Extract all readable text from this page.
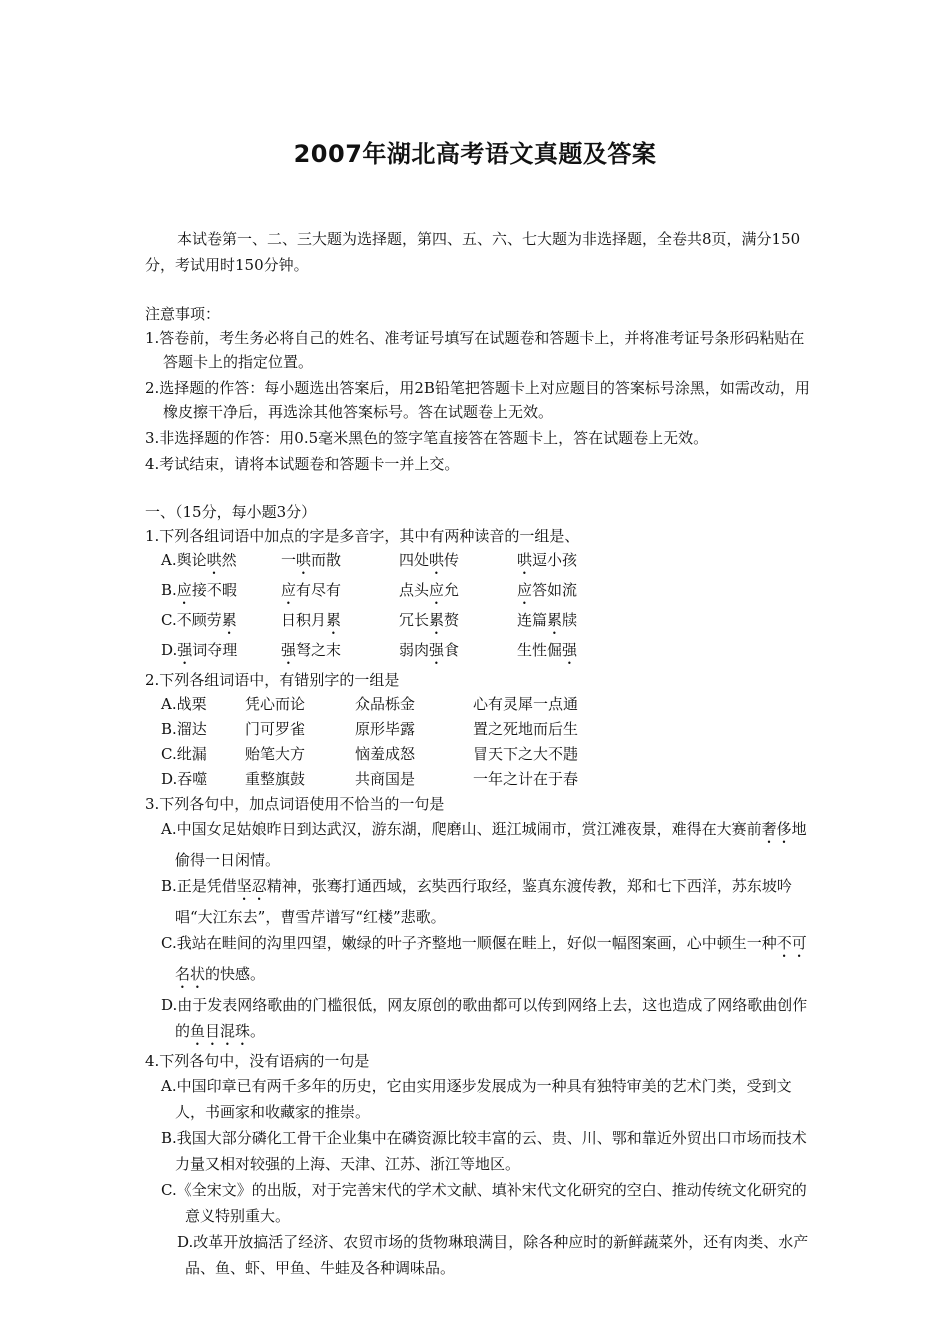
2007年湖北高考语文真题及答案
本试卷第一、二、三大题为选择题，第四、五、六、七大题为非选择题，全卷共8页，满分150分，考试用时150分钟。
注意事项：
1.答卷前，考生务必将自己的姓名、准考证号填写在试题卷和答题卡上，并将准考证号条形码粘贴在答题卡上的指定位置。
2.选择题的作答：每小题选出答案后，用2B铅笔把答题卡上对应题目的答案标号涂黑，如需改动，用橡皮擦干净后，再选涂其他答案标号。答在试题卷上无效。
3.非选择题的作答：用0.5毫米黑色的签字笔直接答在答题卡上，答在试题卷上无效。
4.考试结束，请将本试题卷和答题卡一并上交。
一、（15分，每小题3分）
1.下列各组词语中加点的字是多音字，其中有两种读音的一组是、
A.舆论哄然	一哄而散	四处哄传	哄逗小孩
B.应接不暇	应有尽有	点头应允	应答如流
C.不顾劳累	日积月累	冗长累赘	连篇累牍
D.强词夺理	强弩之末	弱肉强食	生性倔强
2.下列各组词语中，有错别字的一组是
A.战栗	凭心而论	众品栎金	心有灵犀一点通
B.溜达	门可罗雀	原形毕露	置之死地而后生
C.纰漏	贻笔大方	恼羞成怒	冒天下之大不韪
D.吞噬	重整旗鼓	共商国是	一年之计在于春
3.下列各句中，加点词语使用不恰当的一句是
A.中国女足姑娘昨日到达武汉，游东湖，爬磨山、逛江城闹市，赏江滩夜景，难得在大赛前奢侈地偷得一日闲情。
B.正是凭借坚忍精神，张骞打通西域，玄奘西行取经，鉴真东渡传教，郑和七下西洋，苏东坡吟唱“大江东去”，曹雪芹谱写“红楼”悲歌。
C.我站在畦间的沟里四望，嫩绿的叶子齐整地一顺偃在畦上，好似一幅图案画，心中顿生一种不可名状的快感。
D.由于发表网络歌曲的门槛很低，网友原创的歌曲都可以传到网络上去，这也造成了网络歌曲创作的鱼目混珠。
4.下列各句中，没有语病的一句是
A.中国印章已有两千多年的历史，它由实用逐步发展成为一种具有独特审美的艺术门类，受到文人，书画家和收藏家的推崇。
B.我国大部分磷化工骨干企业集中在磷资源比较丰富的云、贵、川、鄂和靠近外贸出口市场而技术力量又相对较强的上海、天津、江苏、浙江等地区。
C.《全宋文》的出版，对于完善宋代的学术文献、填补宋代文化研究的空白、推动传统文化研究的意义特别重大。
D.改革开放搞活了经济、农贸市场的货物琳琅满目，除各种应时的新鲜蔬菜外，还有肉类、水产品、鱼、虾、甲鱼、牛蛙及各种调味品。
